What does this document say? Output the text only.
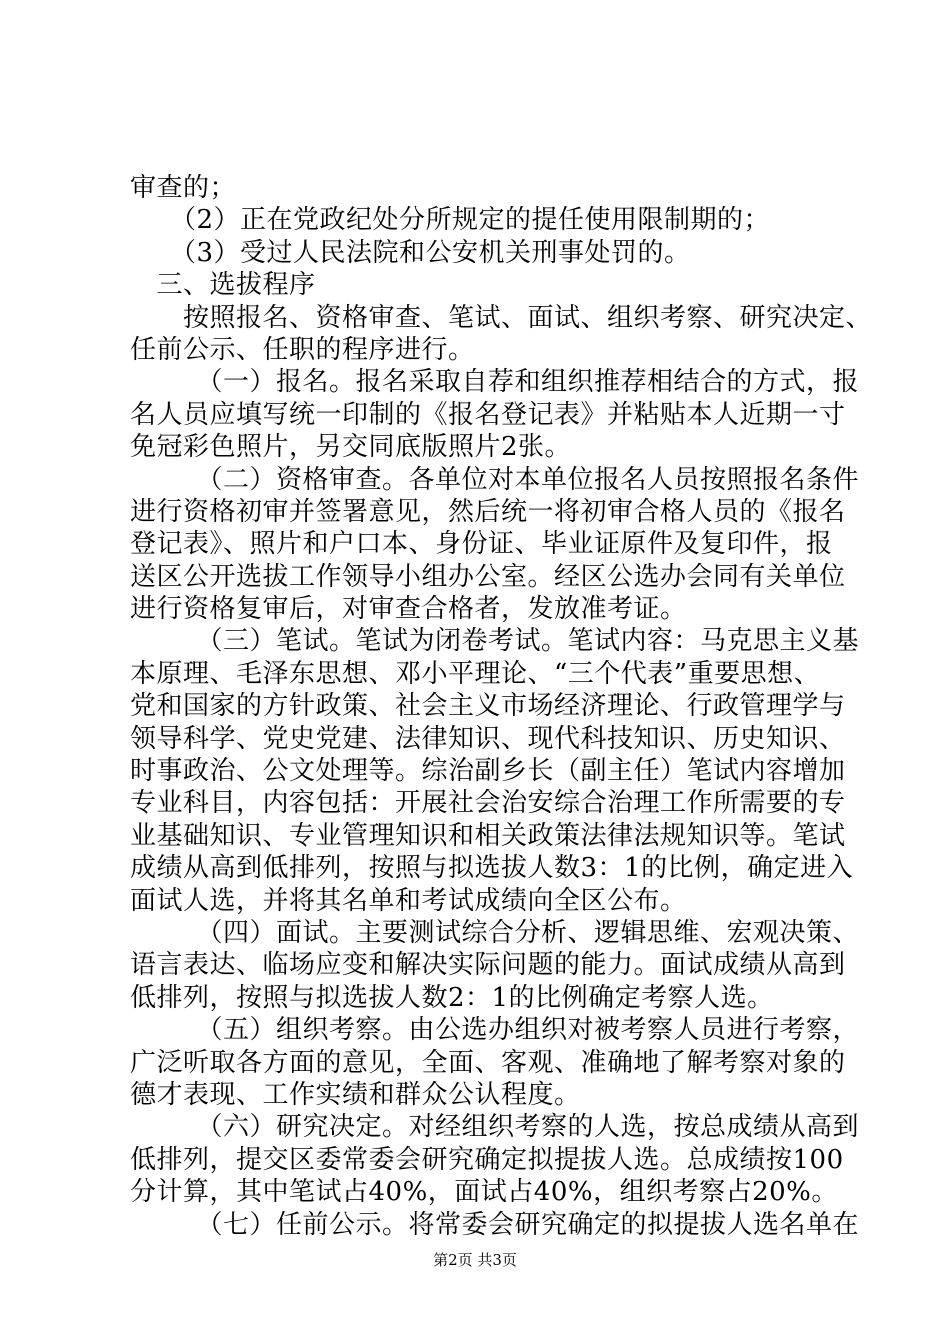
审查的；
　　（2）正在党政纪处分所规定的提任使用限制期的；
　　（3）受过人民法院和公安机关刑事处罚的。
　三、选拔程序
　　按照报名、资格审查、笔试、面试、组织考察、研究决定、
任前公示、任职的程序进行。
　　　（一）报名。报名采取自荐和组织推荐相结合的方式，报
名人员应填写统一印制的《报名登记表》并粘贴本人近期一寸
免冠彩色照片，另交同底版照片2张。
　　　（二）资格审查。各单位对本单位报名人员按照报名条件
进行资格初审并签署意见，然后统一将初审合格人员的《报名
登记表》、照片和户口本、身份证、毕业证原件及复印件，报
送区公开选拔工作领导小组办公室。经区公选办会同有关单位
进行资格复审后，对审查合格者，发放准考证。
　　　（三）笔试。笔试为闭卷考试。笔试内容：马克思主义基
本原理、毛泽东思想、邓小平理论、“三个代表”重要思想、
党和国家的方针政策、社会主义市场经济理论、行政管理学与
领导科学、党史党建、法律知识、现代科技知识、历史知识、
时事政治、公文处理等。综治副乡长（副主任）笔试内容增加
专业科目，内容包括：开展社会治安综合治理工作所需要的专
业基础知识、专业管理知识和相关政策法律法规知识等。笔试
成绩从高到低排列，按照与拟选拔人数3：1的比例，确定进入
面试人选，并将其名单和考试成绩向全区公布。
　　　（四）面试。主要测试综合分析、逻辑思维、宏观决策、
语言表达、临场应变和解决实际问题的能力。面试成绩从高到
低排列，按照与拟选拔人数2：1的比例确定考察人选。
　　　（五）组织考察。由公选办组织对被考察人员进行考察，
广泛听取各方面的意见，全面、客观、准确地了解考察对象的
德才表现、工作实绩和群众公认程度。
　　　（六）研究决定。对经组织考察的人选，按总成绩从高到
低排列，提交区委常委会研究确定拟提拔人选。总成绩按100
分计算，其中笔试占40%，面试占40%，组织考察占20%。
　　　（七）任前公示。将常委会研究确定的拟提拔人选名单在
第2页 共3页
